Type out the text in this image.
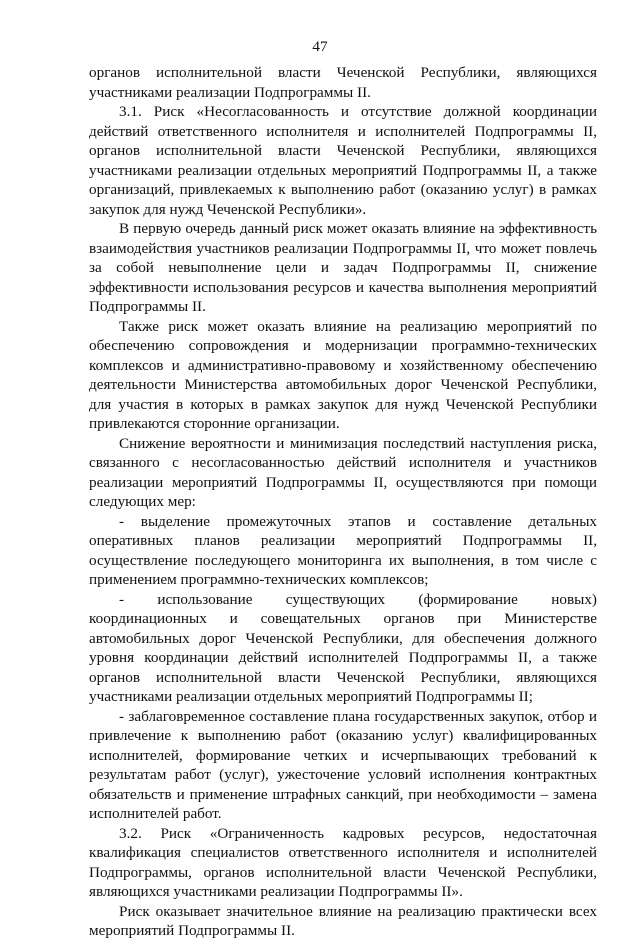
47

органов исполнительной власти Чеченской Республики, являющихся участниками реализации Подпрограммы II.

3.1. Риск «Несогласованность и отсутствие должной координации действий ответственного исполнителя и исполнителей Подпрограммы II, органов исполнительной власти Чеченской Республики, являющихся участниками реализации отдельных мероприятий Подпрограммы II, а также организаций, привлекаемых к выполнению работ (оказанию услуг) в рамках закупок для нужд Чеченской Республики».

В первую очередь данный риск может оказать влияние на эффективность взаимодействия участников реализации Подпрограммы II, что может повлечь за собой невыполнение цели и задач Подпрограммы II, снижение эффективности использования ресурсов и качества выполнения мероприятий Подпрограммы II.

Также риск может оказать влияние на реализацию мероприятий по обеспечению сопровождения и модернизации программно-технических комплексов и административно-правовому и хозяйственному обеспечению деятельности Министерства автомобильных дорог Чеченской Республики, для участия в которых в рамках закупок для нужд Чеченской Республики привлекаются сторонние организации.

Снижение вероятности и минимизация последствий наступления риска, связанного с несогласованностью действий исполнителя и участников реализации мероприятий Подпрограммы II, осуществляются при помощи следующих мер:

- выделение промежуточных этапов и составление детальных оперативных планов реализации мероприятий Подпрограммы II, осуществление последующего мониторинга их выполнения, в том числе с применением программно-технических комплексов;

- использование существующих (формирование новых) координационных и совещательных органов при Министерстве автомобильных дорог Чеченской Республики, для обеспечения должного уровня координации действий исполнителей Подпрограммы II, а также органов исполнительной власти Чеченской Республики, являющихся участниками реализации отдельных мероприятий Подпрограммы II;

- заблаговременное составление плана государственных закупок, отбор и привлечение к выполнению работ (оказанию услуг) квалифицированных исполнителей, формирование четких и исчерпывающих требований к результатам работ (услуг), ужесточение условий исполнения контрактных обязательств и применение штрафных санкций, при необходимости – замена исполнителей работ.

3.2. Риск «Ограниченность кадровых ресурсов, недостаточная квалификация специалистов ответственного исполнителя и исполнителей Подпрограммы, органов исполнительной власти Чеченской Республики, являющихся участниками реализации Подпрограммы II».

Риск оказывает значительное влияние на реализацию практически всех мероприятий Подпрограммы II.
